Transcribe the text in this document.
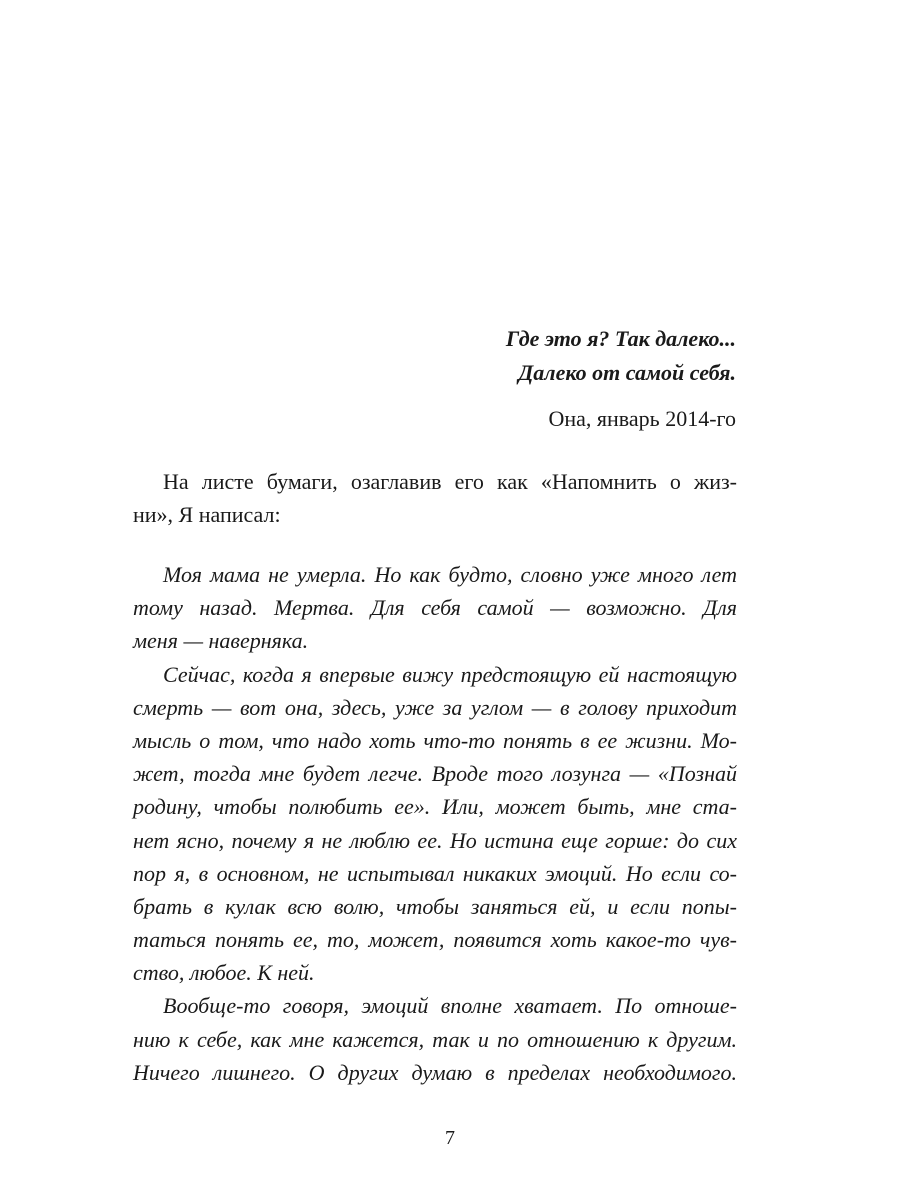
Где это я? Так далеко...
Далеко от самой себя.
Она, январь 2014-го
На листе бумаги, озаглавив его как «Напомнить о жиз-
ни», Я написал:
Моя мама не умерла. Но как будто, словно уже много лет
тому назад. Мертва. Для себя самой — возможно. Для
меня — наверняка.
Сейчас, когда я впервые вижу предстоящую ей настоящую
смерть — вот она, здесь, уже за углом — в голову приходит
мысль о том, что надо хоть что-то понять в ее жизни. Мо-
жет, тогда мне будет легче. Вроде того лозунга — «Познай
родину, чтобы полюбить ее». Или, может быть, мне ста-
нет ясно, почему я не люблю ее. Но истина еще горше: до сих
пор я, в основном, не испытывал никаких эмоций. Но если со-
брать в кулак всю волю, чтобы заняться ей, и если попы-
таться понять ее, то, может, появится хоть какое-то чув-
ство, любое. К ней.
Вообще-то говоря, эмоций вполне хватает. По отноше-
нию к себе, как мне кажется, так и по отношению к другим.
Ничего лишнего. О других думаю в пределах необходимого.
7
